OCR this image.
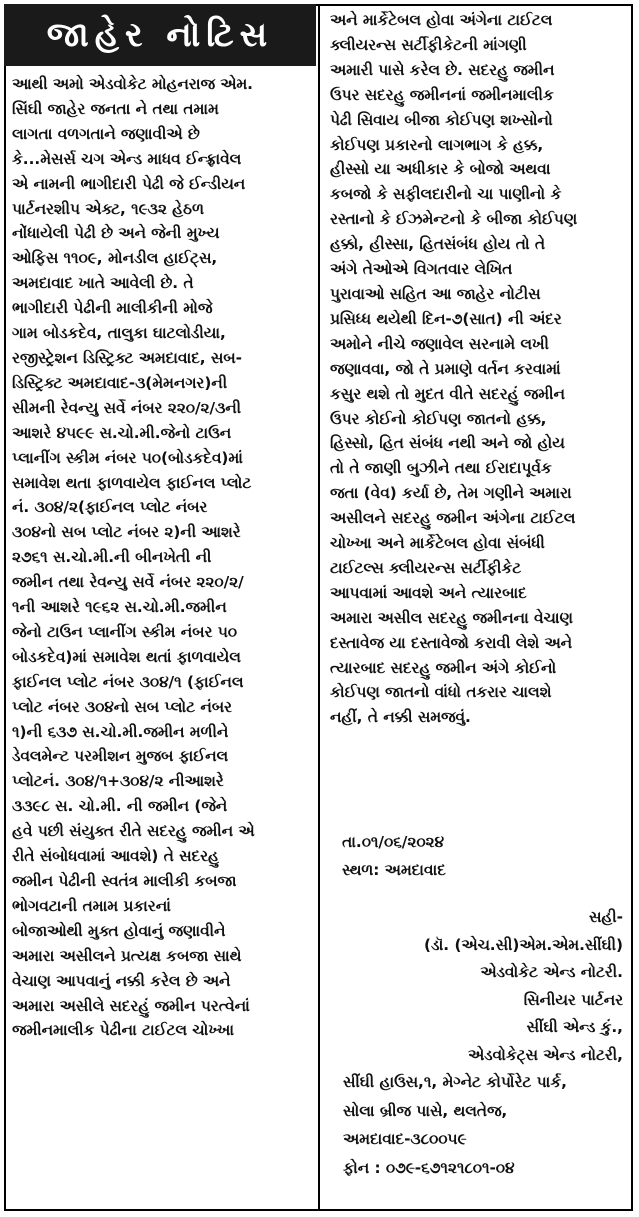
જાહેર નોટિસ
આથી અમો એડવોકેટ મોહનરાજ એમ.
સિંઘી જાહેર જનતા ને તથા તમામ
લાગતા વળગતાને જણાવીએ છે
કે...મેસર્સ ચગ એન્ડ માધવ ઈન્ફ્રાવેલ
એ નામની ભાગીદારી પેઢી જે ઈન્ડીયન
પાર્ટનરશીપ એક્ટ, ૧૯૩૨ હેઠળ
નોંધાયેલી પેઢી છે અને જેની મુખ્ય
ઓફિસ ૧૧૦૯, મોનડીલ હાઈટ્સ,
અમદાવાદ ખાતે આવેલી છે. તે
ભાગીદારી પેઢીની માલીકીની મોજે
ગામ બોડકદેવ, તાલુકા ઘાટલોડીયા,
રજીસ્ટ્રેશન ડિસ્ટ્રિક્ટ અમદાવાદ, સબ-
ડિસ્ટ્રિક્ટ અમદાવાદ-૩(મેમનગર)ની
સીમની રેવન્યુ સર્વે નંબર ૨૨૦/૨/૩ની
આશરે ૪૫૯૯ સ.ચો.મી.જેનો ટાઉન
પ્લાનીંગ સ્કીમ નંબર ૫૦(બોડકદેવ)માં
સમાવેશ થતા ફાળવાયેલ ફાઈનલ પ્લોટ
નં. ૩૦૪/૨(ફાઈનલ પ્લોટ નંબર
૩૦૪નો સબ પ્લોટ નંબર ૨)ની આશરે
૨૭૬૧ સ.ચો.મી.ની બીનખેતી ની
જમીન તથા રેવન્યુ સર્વે નંબર ૨૨૦/૨/
૧ની આશરે ૧૯૬૨ સ.ચો.મી.જમીન
જેનો ટાઉન પ્લાનીંગ સ્કીમ નંબર ૫૦
બોડકદેવ)માં સમાવેશ થતાં ફાળવાયેલ
ફાઈનલ પ્લોટ નંબર ૩૦૪/૧ (ફાઈનલ
પ્લોટ નંબર ૩૦૪નો સબ પ્લોટ નંબર
૧)ની ૬૩૭ સ.ચો.મી.જમીન મળીને
ડેવલમેન્ટ પરમીશન મુજબ ફાઈનલ
પ્લોટનં. ૩૦૪/૧+૩૦૪/૨ નીઆશરે
૩૩૯૮ સ. ચો.મી. ની જમીન (જેને
હવે પછી સંયુક્ત રીતે સદરહુ જમીન એ
રીતે સંબોધવામાં આવશે) તે સદરહુ
જમીન પેઢીની સ્વતંત્ર માલીકી કબજા
ભોગવટાની તમામ પ્રકારનાં
બોજાઓથી મુક્ત હોવાનું જણાવીને
અમારા અસીલને પ્રત્યક્ષ કબજા સાથે
વેચાણ આપવાનું નક્કી કરેલ છે અને
અમારા અસીલે સદરહું જમીન પરત્વેનાં
જમીનમાલીક પેઢીના ટાઈટલ ચોખ્ખા
અને માર્કેટેબલ હોવા અંગેના ટાઈટલ
ક્લીયરન્સ સર્ટીફીકેટની માંગણી
અમારી પાસે કરેલ છે. સદરહુ જમીન
ઉપર સદરહુ જમીનનાં જમીનમાલીક
પેઢી સિવાય બીજા કોઈપણ શખ્સોનો
કોઈપણ પ્રકારનો લાગભાગ કે હક્ક,
હીસ્સો યા અધીકાર કે બોજો અથવા
કબજો કે સફીલદારીનો ચા પાણીનો કે
રસ્તાનો કે ઈઝમેન્ટનો કે બીજા કોઈપણ
હક્કો, હીસ્સા, હિતસંબંધ હોય તો તે
અંગે તેઓએ વિગતવાર લેખિત
પુરાવાઓ સહિત આ જાહેર નોટીસ
પ્રસિધ્ધ થયેથી દિન-૭(સાત) ની અંદર
અમોને નીચે જણાવેલ સરનામે લખી
જણાવવા, જો તે પ્રમાણે વર્તન કરવામાં
કસુર થશે તો મુદત વીતે સદરહું જમીન
ઉપર કોઈનો કોઈપણ જાતનો હક્ક,
હિસ્સો, હિત સંબંધ નથી અને જો હોય
તો તે જાણી બુઝીને તથા ઈરાદાપૂર્વક
જતા (વેવ) કર્યા છે, તેમ ગણીને અમારા
અસીલને સદરહુ જમીન અંગેના ટાઈટલ
ચોખ્ખા અને માર્કેટેબલ હોવા સંબંધી
ટાઈટલ્સ ક્લીયરન્સ સર્ટીફીકેટ
આપવામાં આવશે અને ત્યારબાદ
અમારા અસીલ સદરહુ જમીનના વેચાણ
દસ્તાવેજ યા દસ્તાવેજો કરાવી લેશે અને
ત્યારબાદ સદરહુ જમીન અંગે કોઈનો
કોઈપણ જાતનો વાંધો તકરાર ચાલશે
નહીં, તે નક્કી સમજવું.
તા.૦૧/૦૬/૨૦૨૪
સ્થળ: અમદાવાદ
સહી-
(ડૉ. (એચ.સી)એમ.એમ.સીંઘી)
એડવોકેટ એન્ડ નોટરી.
સિનીયર પાર્ટનર
સીંઘી એન્ડ કું.,
એડવોકેટ્સ એન્ડ નોટરી,
સીંઘી હાઉસ,૧, મેગ્નેટ કોર્પોરેટ પાર્ક,
સોલા બ્રીજ પાસે, થલતેજ,
અમદાવાદ-૩૮૦૦૫૯
ફોન : ૦૭૯-૬૭૧૨૧૮૦૧-૦૪
